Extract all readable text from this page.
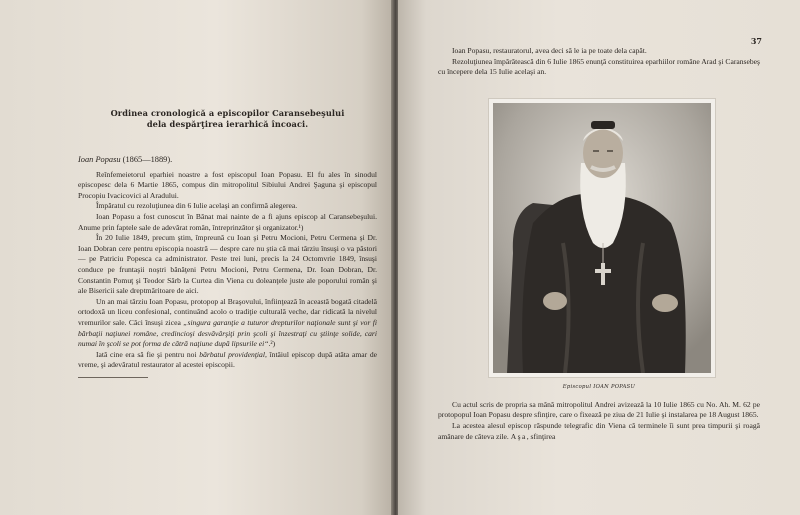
Ordinea cronologică a episcopilor Caransebeşului
dela despărţirea ierarhică încoaci.

Ioan Popasu (1865—1889).

Reînfemeietorul eparhiei noastre a fost episcopul Ioan Popasu. El fu ales în sinodul episcopesc dela 6 Martie 1865, compus din mitropolitul Sibiului Andrei Şaguna şi episcopul Procopiu Ivacicovici al Aradului.

Împăratul cu rezoluţiunea din 6 Iulie acelaşi an confirmă alegerea.

Ioan Popasu a fost cunoscut în Bănat mai nainte de a fi ajuns episcop al Caransebeşului. Anume prin faptele sale de adevărat român, întreprinzător şi organizator.¹)

În 20 Iulie 1849, precum ştim, împreună cu Ioan şi Petru Mocioni, Petru Cermena şi Dr. Ioan Dobran cere pentru episcopia noastră — despre care nu ştia că mai târziu însuşi o va păstori — pe Patriciu Popesca ca administrator. Peste trei luni, precis la 24 Octomvrie 1849, însuşi conduce pe fruntaşii noştri bănăţeni Petru Mocioni, Petru Cermena, Dr. Ioan Dobran, Dr. Constantin Pomuţ şi Teodor Sârb la Curtea din Viena cu doleanţele juste ale poporului român şi ale Bisericii sale dreptmăritoare de aici.

Un an mai târziu Ioan Popasu, protopop al Braşovului, înfiinţează în această bogată citadelă ortodoxă un liceu confesional, continuând acolo o tradiţie culturală veche, dar ridicată la nivelul vremurilor sale. Căci însuşi zicea „singura garanţie a tuturor drepturilor naţionale sunt şi vor fi bărbaţii naţiunei române, credincioşi desvăvârşiţi prin şcoli şi înzestraţi cu ştiinţe solide, cari numai în şcoli se pot forma de cătră naţiune după lipsurile ei“.²)

Iată cine era să fie şi pentru noi bărbatul providenţial, întâiul episcop după atâta amar de vreme, şi adevăratul restaurator al acestei episcopii.

37

Ioan Popasu, restauratorul, avea deci să le ia pe toate dela capăt.

Rezoluţiunea împărătească din 6 Iulie 1865 enunţă constituirea eparhiilor române Arad şi Caransebeş cu începere dela 15 Iulie acelaşi an.

Episcopul IOAN POPASU

Cu actul scris de propria sa mână mitropolitul Andrei avizează la 10 Iulie 1865 cu No. Ah. M. 62 pe protopopul Ioan Popasu despre sfinţire, care o fixează pe ziua de 21 Iulie şi instalarea pe 18 August 1865.

La acestea alesul episcop răspunde telegrafic din Viena că terminele îi sunt prea timpurii şi roagă amânare de câteva zile. Aşa, sfinţirea
